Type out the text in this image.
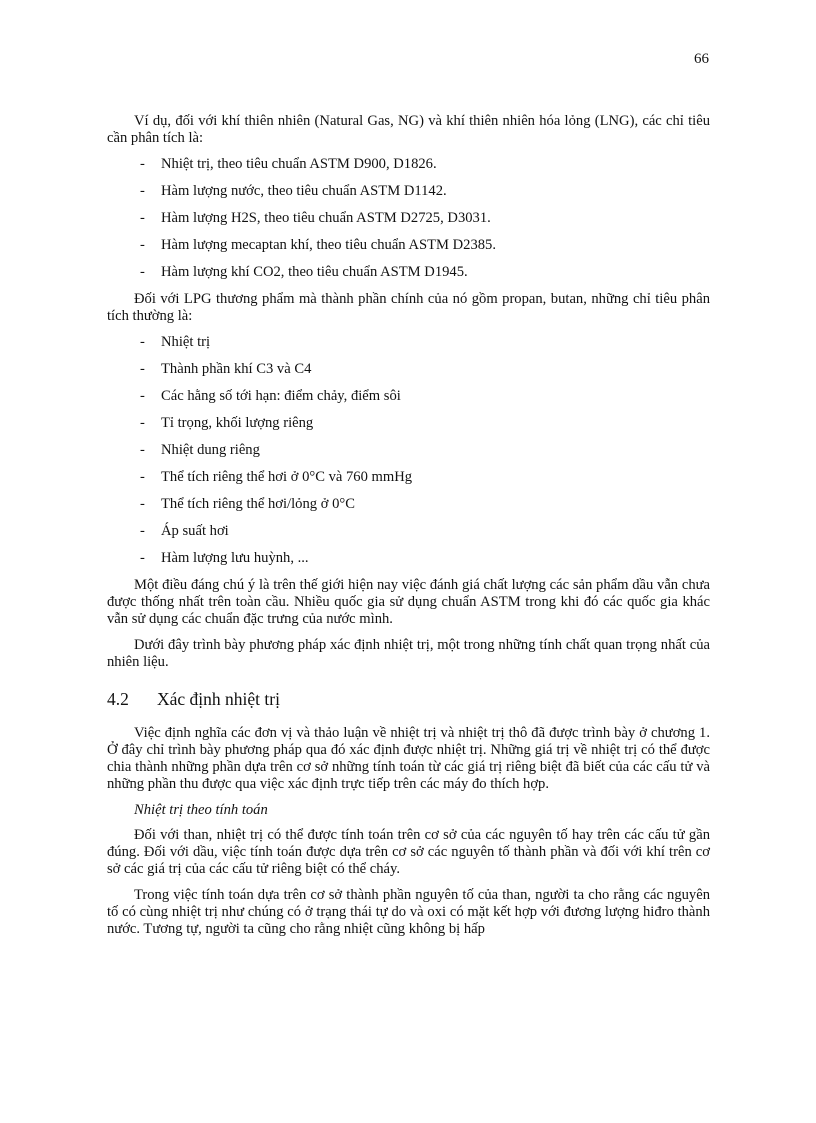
66

Ví dụ, đối với khí thiên nhiên (Natural Gas, NG) và khí thiên nhiên hóa lỏng (LNG), các chỉ tiêu cần phân tích là:

- Nhiệt trị, theo tiêu chuẩn ASTM D900, D1826.
- Hàm lượng nước, theo tiêu chuẩn ASTM D1142.
- Hàm lượng H2S, theo tiêu chuẩn ASTM D2725, D3031.
- Hàm lượng mecaptan khí, theo tiêu chuẩn ASTM D2385.
- Hàm lượng khí CO2, theo tiêu chuẩn ASTM D1945.

Đối với LPG thương phẩm mà thành phần chính của nó gồm propan, butan, những chỉ tiêu phân tích thường là:

- Nhiệt trị
- Thành phần khí C3 và C4
- Các hằng số tới hạn: điểm chảy, điểm sôi
- Tỉ trọng, khối lượng riêng
- Nhiệt dung riêng
- Thể tích riêng thể hơi ở 0°C và 760 mmHg
- Thể tích riêng thể hơi/lỏng ở 0°C
- Áp suất hơi
- Hàm lượng lưu huỳnh, ...

Một điều đáng chú ý là trên thế giới hiện nay việc đánh giá chất lượng các sản phẩm dầu vẫn chưa được thống nhất trên toàn cầu. Nhiều quốc gia sử dụng chuẩn ASTM trong khi đó các quốc gia khác vẫn sử dụng các chuẩn đặc trưng của nước mình.

Dưới đây trình bày phương pháp xác định nhiệt trị, một trong những tính chất quan trọng nhất của nhiên liệu.

4.2	Xác định nhiệt trị

Việc định nghĩa các đơn vị và thảo luận về nhiệt trị và nhiệt trị thô đã được trình bày ở chương 1. Ở đây chỉ trình bày phương pháp qua đó xác định được nhiệt trị. Những giá trị về nhiệt trị có thể được chia thành những phần dựa trên cơ sở những tính toán từ các giá trị riêng biệt đã biết của các cấu tử và những phần thu được qua việc xác định trực tiếp trên các máy đo thích hợp.

Nhiệt trị theo tính toán

Đối với than, nhiệt trị có thể được tính toán trên cơ sở của các nguyên tố hay trên các cấu tử gần đúng. Đối với dầu, việc tính toán được dựa trên cơ sở các nguyên tố thành phần và đối với khí trên cơ sở các giá trị của các cấu tử riêng biệt có thể cháy.

Trong việc tính toán dựa trên cơ sở thành phần nguyên tố của than, người ta cho rằng các nguyên tố có cùng nhiệt trị như chúng có ở trạng thái tự do và oxi có mặt kết hợp với đương lượng hiđro thành nước. Tương tự, người ta cũng cho rằng nhiệt cũng không bị hấp
